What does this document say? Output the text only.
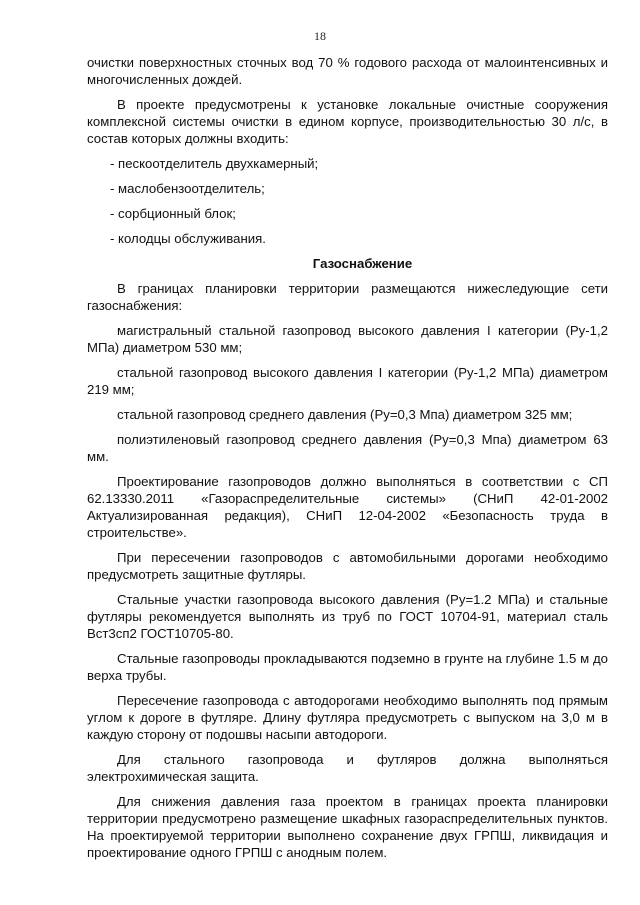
18

очистки поверхностных сточных вод 70 % годового расхода от малоинтенсивных и многочисленных дождей.

В проекте предусмотрены к установке локальные очистные сооружения комплексной системы очистки в едином корпусе, производительностью 30 л/с, в состав которых должны входить:

- пескоотделитель двухкамерный;

- маслобензоотделитель;

- сорбционный блок;

- колодцы обслуживания.

Газоснабжение

В границах планировки территории размещаются нижеследующие сети газоснабжения:

магистральный стальной газопровод высокого давления I категории (Ру-1,2 МПа) диаметром 530 мм;

стальной газопровод высокого давления I категории (Ру-1,2 МПа) диаметром 219 мм;

стальной газопровод среднего давления (Ру=0,3 Мпа) диаметром 325 мм;

полиэтиленовый газопровод среднего давления (Ру=0,3 Мпа) диаметром 63 мм.

Проектирование газопроводов должно выполняться в соответствии с СП 62.13330.2011 «Газораспределительные системы» (СНиП 42-01-2002 Актуализированная редакция), СНиП 12-04-2002 «Безопасность труда в строительстве».

При пересечении газопроводов с автомобильными дорогами необходимо предусмотреть защитные футляры.

Стальные участки газопровода высокого давления (Ру=1.2 МПа) и стальные футляры рекомендуется выполнять из труб по ГОСТ 10704-91, материал сталь Вст3сп2 ГОСТ10705-80.

Стальные газопроводы прокладываются подземно в грунте на глубине 1.5 м до верха трубы.

Пересечение газопровода с автодорогами необходимо выполнять под прямым углом к дороге в футляре. Длину футляра предусмотреть с выпуском на 3,0 м в каждую сторону от подошвы насыпи автодороги.

Для стального газопровода и футляров должна выполняться электрохимическая защита.

Для снижения давления газа проектом в границах проекта планировки территории предусмотрено размещение шкафных газораспределительных пунктов. На проектируемой территории выполнено сохранение двух ГРПШ, ликвидация и проектирование одного ГРПШ с анодным полем.
